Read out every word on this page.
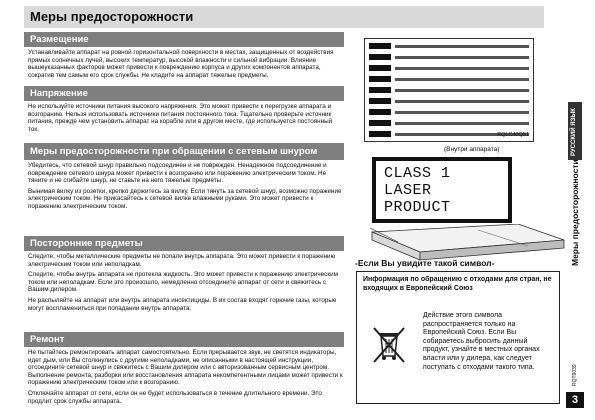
Меры предосторожности
Размещение
Устанавливайте аппарат на ровной горизонтальной поверхности в местах, защищенных от воздействия прямых солнечных лучей, высоких температур, высокой влажности и сильной вибрации. Влияние вышеуказанных факторов может привести к повреждению корпуса и других компонентов аппарата, сократив тем самым его срок службы. Не кладите на аппарат тяжелые предметы.
Напряжение
Не используйте источники питания высокого напряжения. Это может привести к перегрузке аппарата и возгоранию. Нельзя использовать источники питания постоянного тока. Тщательно проверьте источник питания, прежде чем установить аппарат на корабле или в другом месте, где используется постоянный ток.
Меры предосторожности при обращении с сетевым шнуром
Убедитесь, что сетевой шнур правильно подсоединен и не поврежден. Ненадежное подсоединение и повреждение сетевого шнура может привести к возгоранию или поражению электрическим током. Не тяните и не сгибайте шнур, не ставьте на него тяжелые предметы.
Вынимая вилку из розетки, крепко держитесь за вилку. Если тянуть за сетевой шнур, возможно поражение электрическим током. Не прикасайтесь к сетевой вилке влажными руками. Это может привести к поражению электрическим током.
Посторонние предметы
Следите, чтобы металлические предметы не попали внутрь аппарата. Это может привести к поражению электрическим током или неполадкам.
Следите, чтобы внутрь аппарата не протекла жидкость. Это может привести к поражению электрическим током или неполадкам. Если это произошло, немедленно отсоедините аппарат от сети и свяжитесь с Вашим дилером.
Не распыляйте на аппарат или внутрь аппарата инсектициды. В их состав входят горючие газы, которые могут воспламениться при попадании внутрь аппарата.
Ремонт
Не пытайтесь ремонтировать аппарат самостоятельно. Если прерывается звук, не светятся индикаторы, идет дым, или Вы столкнулись с другими неполадками, не описанными в настоящей инструкции, отсоедините сетевой шнур и свяжитесь с Вашим дилером или с авторизованным сервисным центром. Выполнение ремонта, разборки или восстановления аппарата некомпетентными лицами может привести к поражению электрическим током или к возгоранию.
Отключайте аппарат от сети, если он не будет использоваться в течение длительного времени. Это продлит срок службы аппарата.
RQLC40Q51
(Внутри аппарата)
CLASS 1
LASER PRODUCT
-Если Вы увидите такой символ-
Информация по обращению с отходами для стран, не входящих в Европейский Союз
Действие этого символа распространяется только на Европейский Союз. Если Вы собираетесь выбросить данный продукт, узнайте в местных органах власти или у дилера, как следует поступать с отходами такого типа.
РУССКИЙ ЯЗЫК
Меры предосторожности
RQT9039
3
